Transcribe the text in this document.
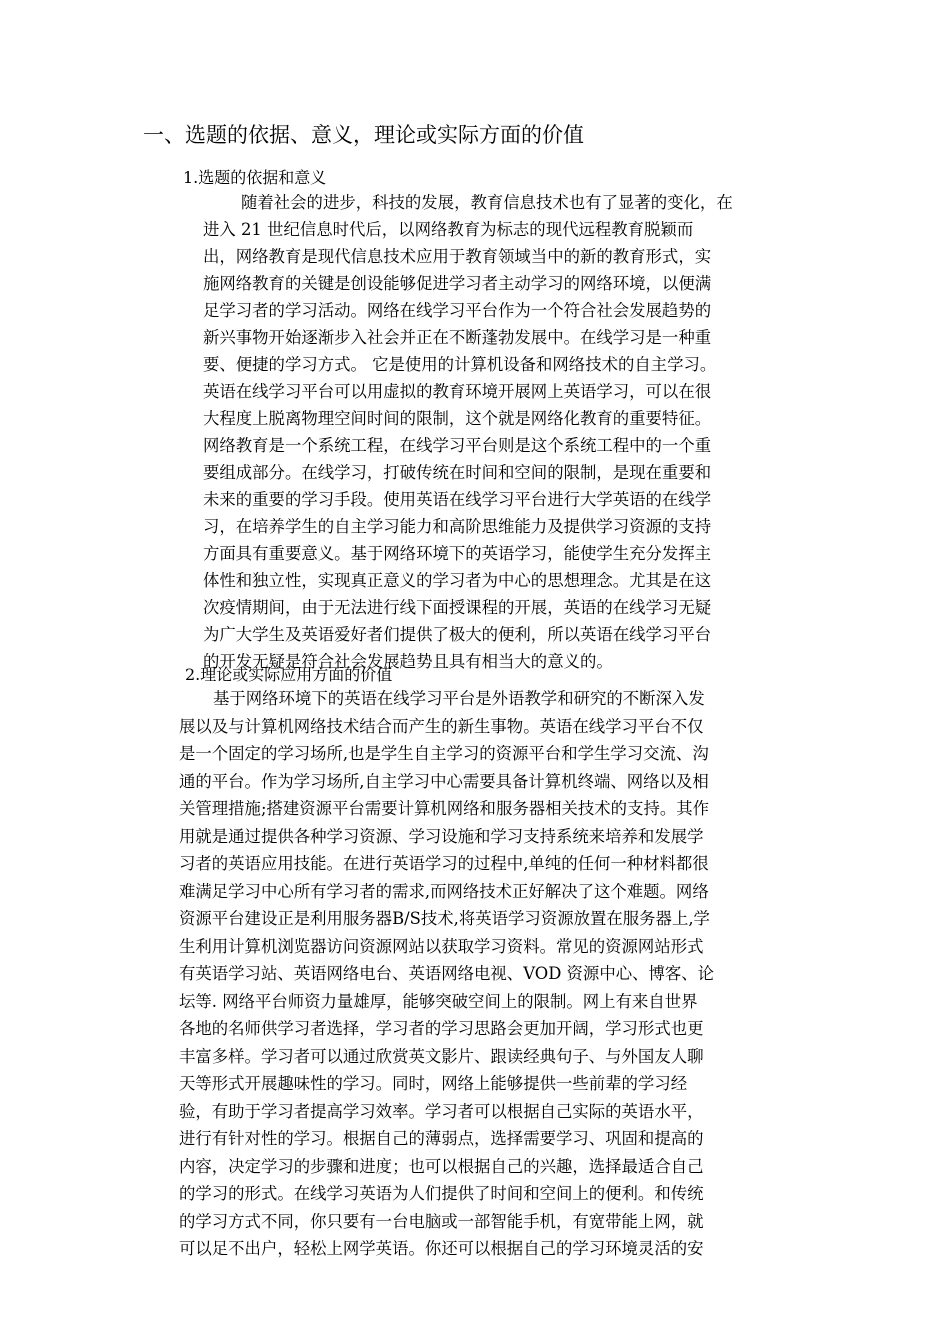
一、选题的依据、意义，理论或实际方面的价值
1.选题的依据和意义
随着社会的进步，科技的发展，教育信息技术也有了显著的变化，在
进入 21 世纪信息时代后，以网络教育为标志的现代远程教育脱颖而
出，网络教育是现代信息技术应用于教育领域当中的新的教育形式，实
施网络教育的关键是创设能够促进学习者主动学习的网络环境，以便满
足学习者的学习活动。网络在线学习平台作为一个符合社会发展趋势的
新兴事物开始逐渐步入社会并正在不断蓬勃发展中。在线学习是一种重
要、便捷的学习方式。 它是使用的计算机设备和网络技术的自主学习。
英语在线学习平台可以用虚拟的教育环境开展网上英语学习，可以在很
大程度上脱离物理空间时间的限制，这个就是网络化教育的重要特征。
网络教育是一个系统工程，在线学习平台则是这个系统工程中的一个重
要组成部分。在线学习，打破传统在时间和空间的限制，是现在重要和
未来的重要的学习手段。使用英语在线学习平台进行大学英语的在线学
习，在培养学生的自主学习能力和高阶思维能力及提供学习资源的支持
方面具有重要意义。基于网络环境下的英语学习，能使学生充分发挥主
体性和独立性，实现真正意义的学习者为中心的思想理念。尤其是在这
次疫情期间，由于无法进行线下面授课程的开展，英语的在线学习无疑
为广大学生及英语爱好者们提供了极大的便利，所以英语在线学习平台
的开发无疑是符合社会发展趋势且具有相当大的意义的。
2.理论或实际应用方面的价值
基于网络环境下的英语在线学习平台是外语教学和研究的不断深入发
展以及与计算机网络技术结合而产生的新生事物。英语在线学习平台不仅
是一个固定的学习场所,也是学生自主学习的资源平台和学生学习交流、沟
通的平台。作为学习场所,自主学习中心需要具备计算机终端、网络以及相
关管理措施;搭建资源平台需要计算机网络和服务器相关技术的支持。其作
用就是通过提供各种学习资源、学习设施和学习支持系统来培养和发展学
习者的英语应用技能。在进行英语学习的过程中,单纯的任何一种材料都很
难满足学习中心所有学习者的需求,而网络技术正好解决了这个难题。网络
资源平台建设正是利用服务器B/S技术,将英语学习资源放置在服务器上,学
生利用计算机浏览器访问资源网站以获取学习资料。常见的资源网站形式
有英语学习站、英语网络电台、英语网络电视、VOD 资源中心、博客、论
坛等. 网络平台师资力量雄厚，能够突破空间上的限制。网上有来自世界
各地的名师供学习者选择，学习者的学习思路会更加开阔，学习形式也更
丰富多样。学习者可以通过欣赏英文影片、跟读经典句子、与外国友人聊
天等形式开展趣味性的学习。同时，网络上能够提供一些前辈的学习经
验，有助于学习者提高学习效率。学习者可以根据自己实际的英语水平，
进行有针对性的学习。根据自己的薄弱点，选择需要学习、巩固和提高的
内容，决定学习的步骤和进度；也可以根据自己的兴趣，选择最适合自己
的学习的形式。在线学习英语为人们提供了时间和空间上的便利。和传统
的学习方式不同，你只要有一台电脑或一部智能手机，有宽带能上网，就
可以足不出户，轻松上网学英语。你还可以根据自己的学习环境灵活的安
